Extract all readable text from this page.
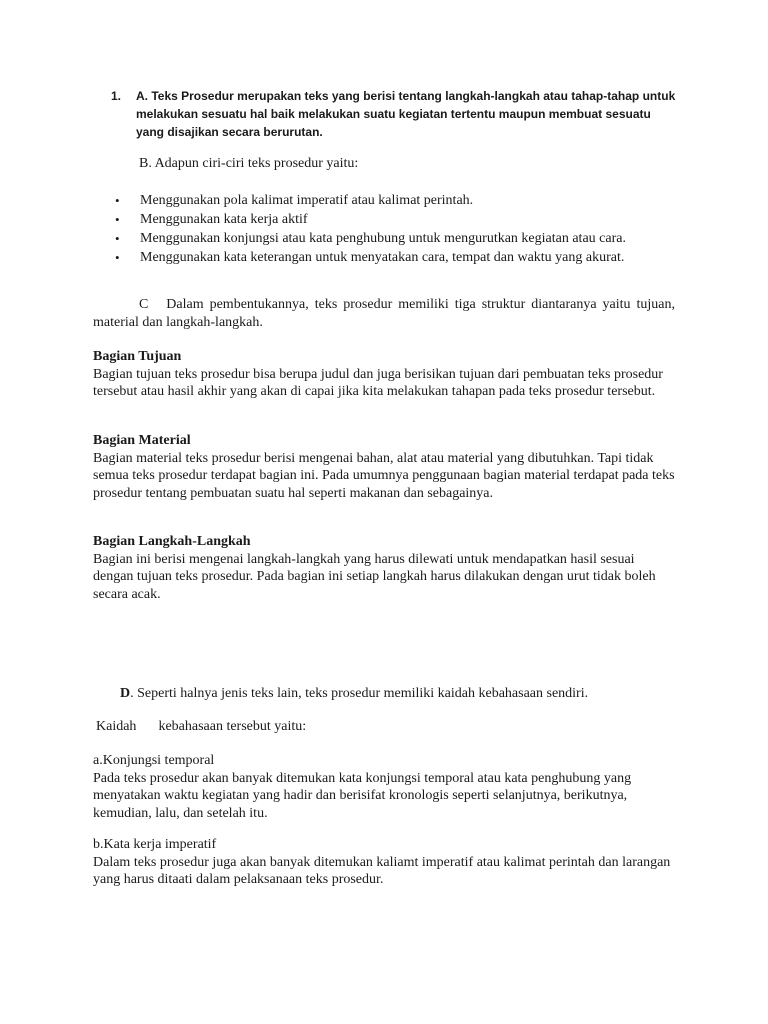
1. A. Teks Prosedur merupakan teks yang berisi tentang langkah-langkah atau tahap-tahap untuk melakukan sesuatu hal baik melakukan suatu kegiatan tertentu maupun membuat sesuatu yang disajikan secara berurutan.
B. Adapun ciri-ciri teks prosedur yaitu:
• Menggunakan pola kalimat imperatif atau kalimat perintah.
• Menggunakan kata kerja aktif
• Menggunakan konjungsi atau kata penghubung untuk mengurutkan kegiatan atau cara.
• Menggunakan kata keterangan untuk menyatakan cara, tempat dan waktu yang akurat.

C Dalam pembentukannya, teks prosedur memiliki tiga struktur diantaranya yaitu tujuan, material dan langkah-langkah.

Bagian Tujuan
Bagian tujuan teks prosedur bisa berupa judul dan juga berisikan tujuan dari pembuatan teks prosedur tersebut atau hasil akhir yang akan di capai jika kita melakukan tahapan pada teks prosedur tersebut.
Bagian Material
Bagian material teks prosedur berisi mengenai bahan, alat atau material yang dibutuhkan. Tapi tidak semua teks prosedur terdapat bagian ini. Pada umumnya penggunaan bagian material terdapat pada teks prosedur tentang pembuatan suatu hal seperti makanan dan sebagainya.
Bagian Langkah-Langkah
Bagian ini berisi mengenai langkah-langkah yang harus dilewati untuk mendapatkan hasil sesuai dengan tujuan teks prosedur. Pada bagian ini setiap langkah harus dilakukan dengan urut tidak boleh secara acak.
D. Seperti halnya jenis teks lain, teks prosedur memiliki kaidah kebahasaan sendiri.
Kaidah kebahasaan tersebut yaitu:
a.Konjungsi temporal
Pada teks prosedur akan banyak ditemukan kata konjungsi temporal atau kata penghubung yang menyatakan waktu kegiatan yang hadir dan berisifat kronologis seperti selanjutnya, berikutnya, kemudian, lalu, dan setelah itu.
b.Kata kerja imperatif
Dalam teks prosedur juga akan banyak ditemukan kaliamt imperatif atau kalimat perintah dan larangan yang harus ditaati dalam pelaksanaan teks prosedur.
